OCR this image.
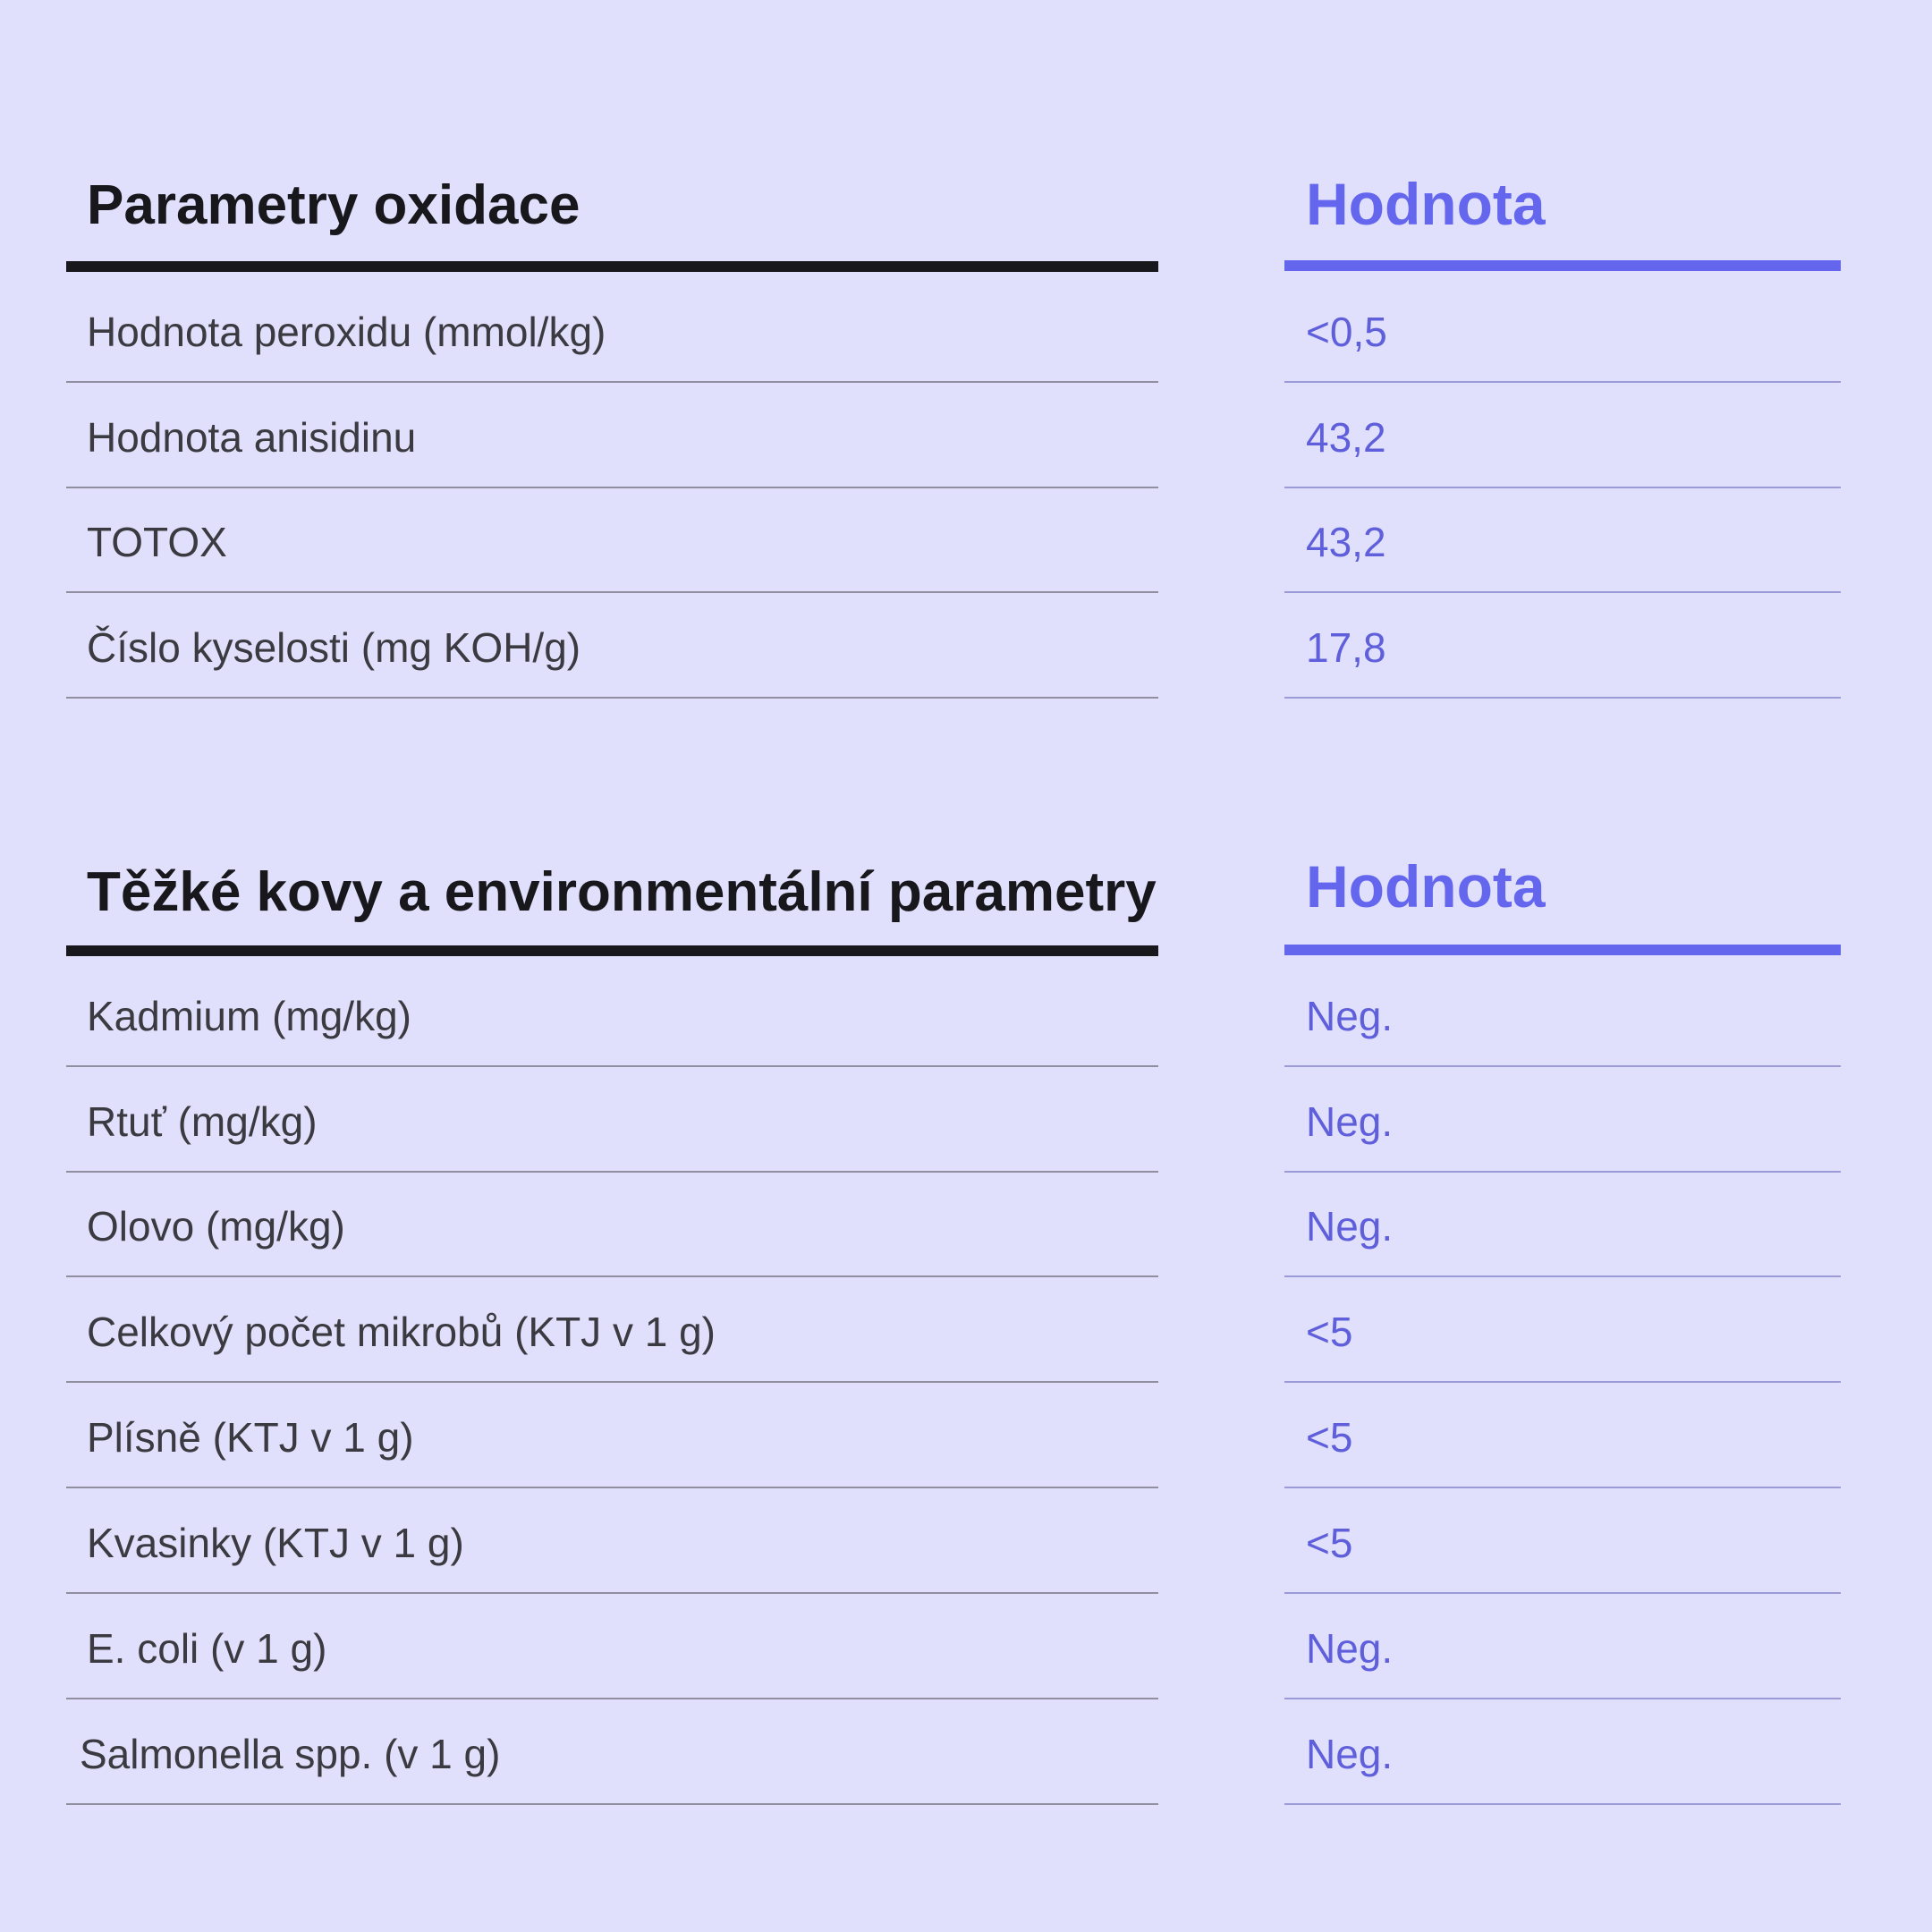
Parametry oxidace	Hodnota
Hodnota peroxidu (mmol/kg)	<0,5
Hodnota anisidinu	43,2
TOTOX	43,2
Číslo kyselosti (mg KOH/g)	17,8
Těžké kovy a environmentální parametry	Hodnota
Kadmium (mg/kg)	Neg.
Rtuť (mg/kg)	Neg.
Olovo (mg/kg)	Neg.
Celkový počet mikrobů (KTJ v 1 g)	<5
Plísně (KTJ v 1 g)	<5
Kvasinky (KTJ v 1 g)	<5
E. coli (v 1 g)	Neg.
Salmonella spp. (v 1 g)	Neg.
